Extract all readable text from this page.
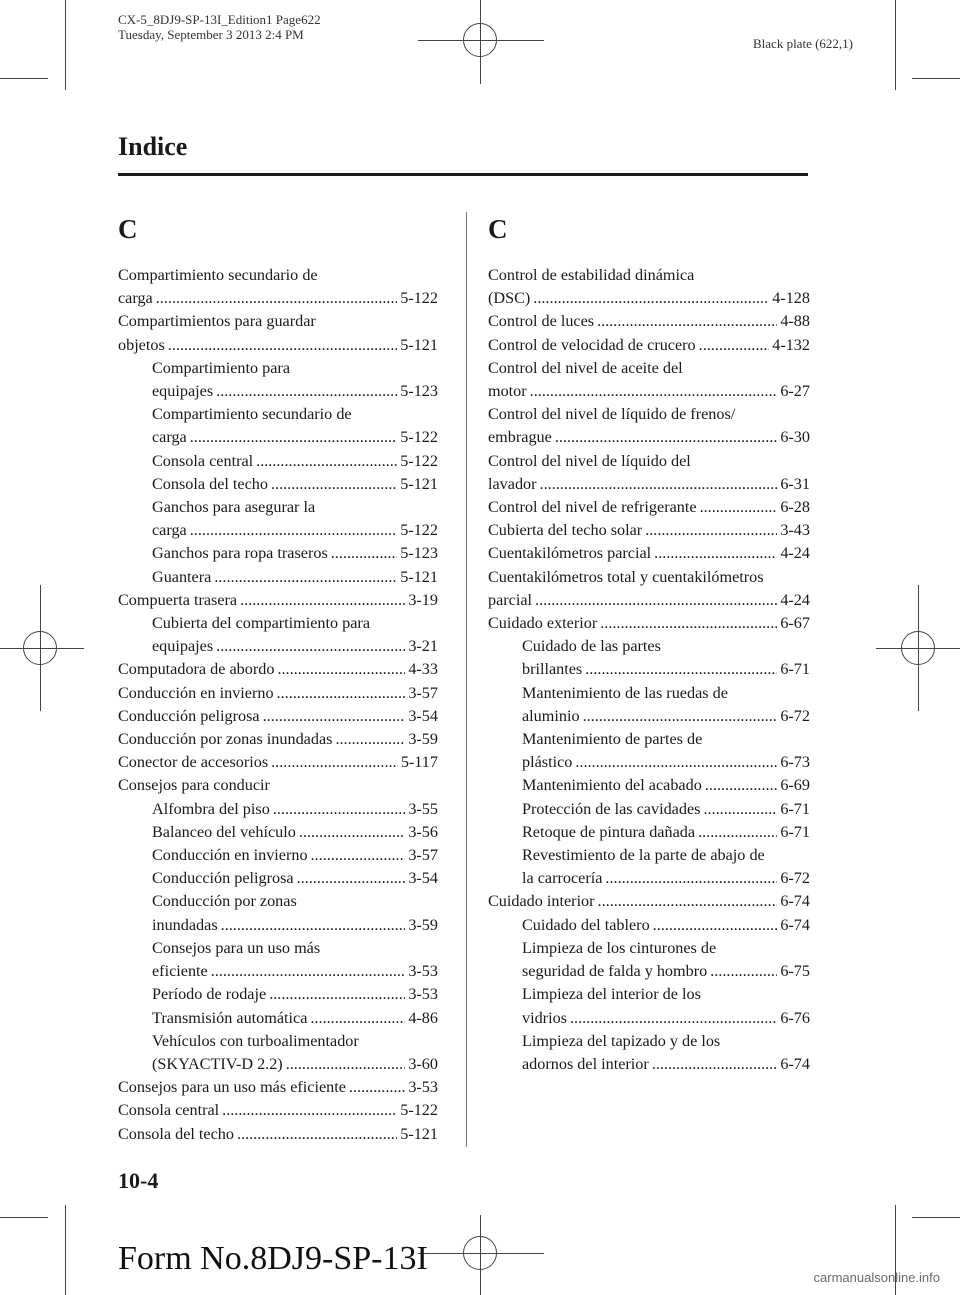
CX-5_8DJ9-SP-13I_Edition1 Page622
Tuesday, September 3 2013 2:4 PM
Black plate (622,1)
Indice
C
Compartimiento secundario de
carga .....	5-122
Compartimientos para guardar
objetos .....	5-121
Compartimiento para
equipajes .....	5-123
Compartimiento secundario de
carga .....	5-122
Consola central .....	5-122
Consola del techo .....	5-121
Ganchos para asegurar la
carga .....	5-122
Ganchos para ropa traseros .....	5-123
Guantera .....	5-121
Compuerta trasera .....	3-19
Cubierta del compartimiento para
equipajes .....	3-21
Computadora de abordo .....	4-33
Conducción en invierno .....	3-57
Conducción peligrosa .....	3-54
Conducción por zonas inundadas .....	3-59
Conector de accesorios .....	5-117
Consejos para conducir
Alfombra del piso .....	3-55
Balanceo del vehículo .....	3-56
Conducción en invierno .....	3-57
Conducción peligrosa .....	3-54
Conducción por zonas
inundadas .....	3-59
Consejos para un uso más
eficiente .....	3-53
Período de rodaje .....	3-53
Transmisión automática .....	4-86
Vehículos con turboalimentador
(SKYACTIV-D 2.2) .....	3-60
Consejos para un uso más eficiente .....	3-53
Consola central .....	5-122
Consola del techo .....	5-121
C
Control de estabilidad dinámica
(DSC) .....	4-128
Control de luces .....	4-88
Control de velocidad de crucero .....	4-132
Control del nivel de aceite del
motor .....	6-27
Control del nivel de líquido de frenos/
embrague .....	6-30
Control del nivel de líquido del
lavador .....	6-31
Control del nivel de refrigerante .....	6-28
Cubierta del techo solar .....	3-43
Cuentakilómetros parcial .....	4-24
Cuentakilómetros total y cuentakilómetros
parcial .....	4-24
Cuidado exterior .....	6-67
Cuidado de las partes
brillantes .....	6-71
Mantenimiento de las ruedas de
aluminio .....	6-72
Mantenimiento de partes de
plástico .....	6-73
Mantenimiento del acabado .....	6-69
Protección de las cavidades .....	6-71
Retoque de pintura dañada .....	6-71
Revestimiento de la parte de abajo de
la carrocería .....	6-72
Cuidado interior .....	6-74
Cuidado del tablero .....	6-74
Limpieza de los cinturones de
seguridad de falda y hombro .....	6-75
Limpieza del interior de los
vidrios .....	6-76
Limpieza del tapizado y de los
adornos del interior .....	6-74
10-4
Form No.8DJ9-SP-13I
carmanualsonline.info
